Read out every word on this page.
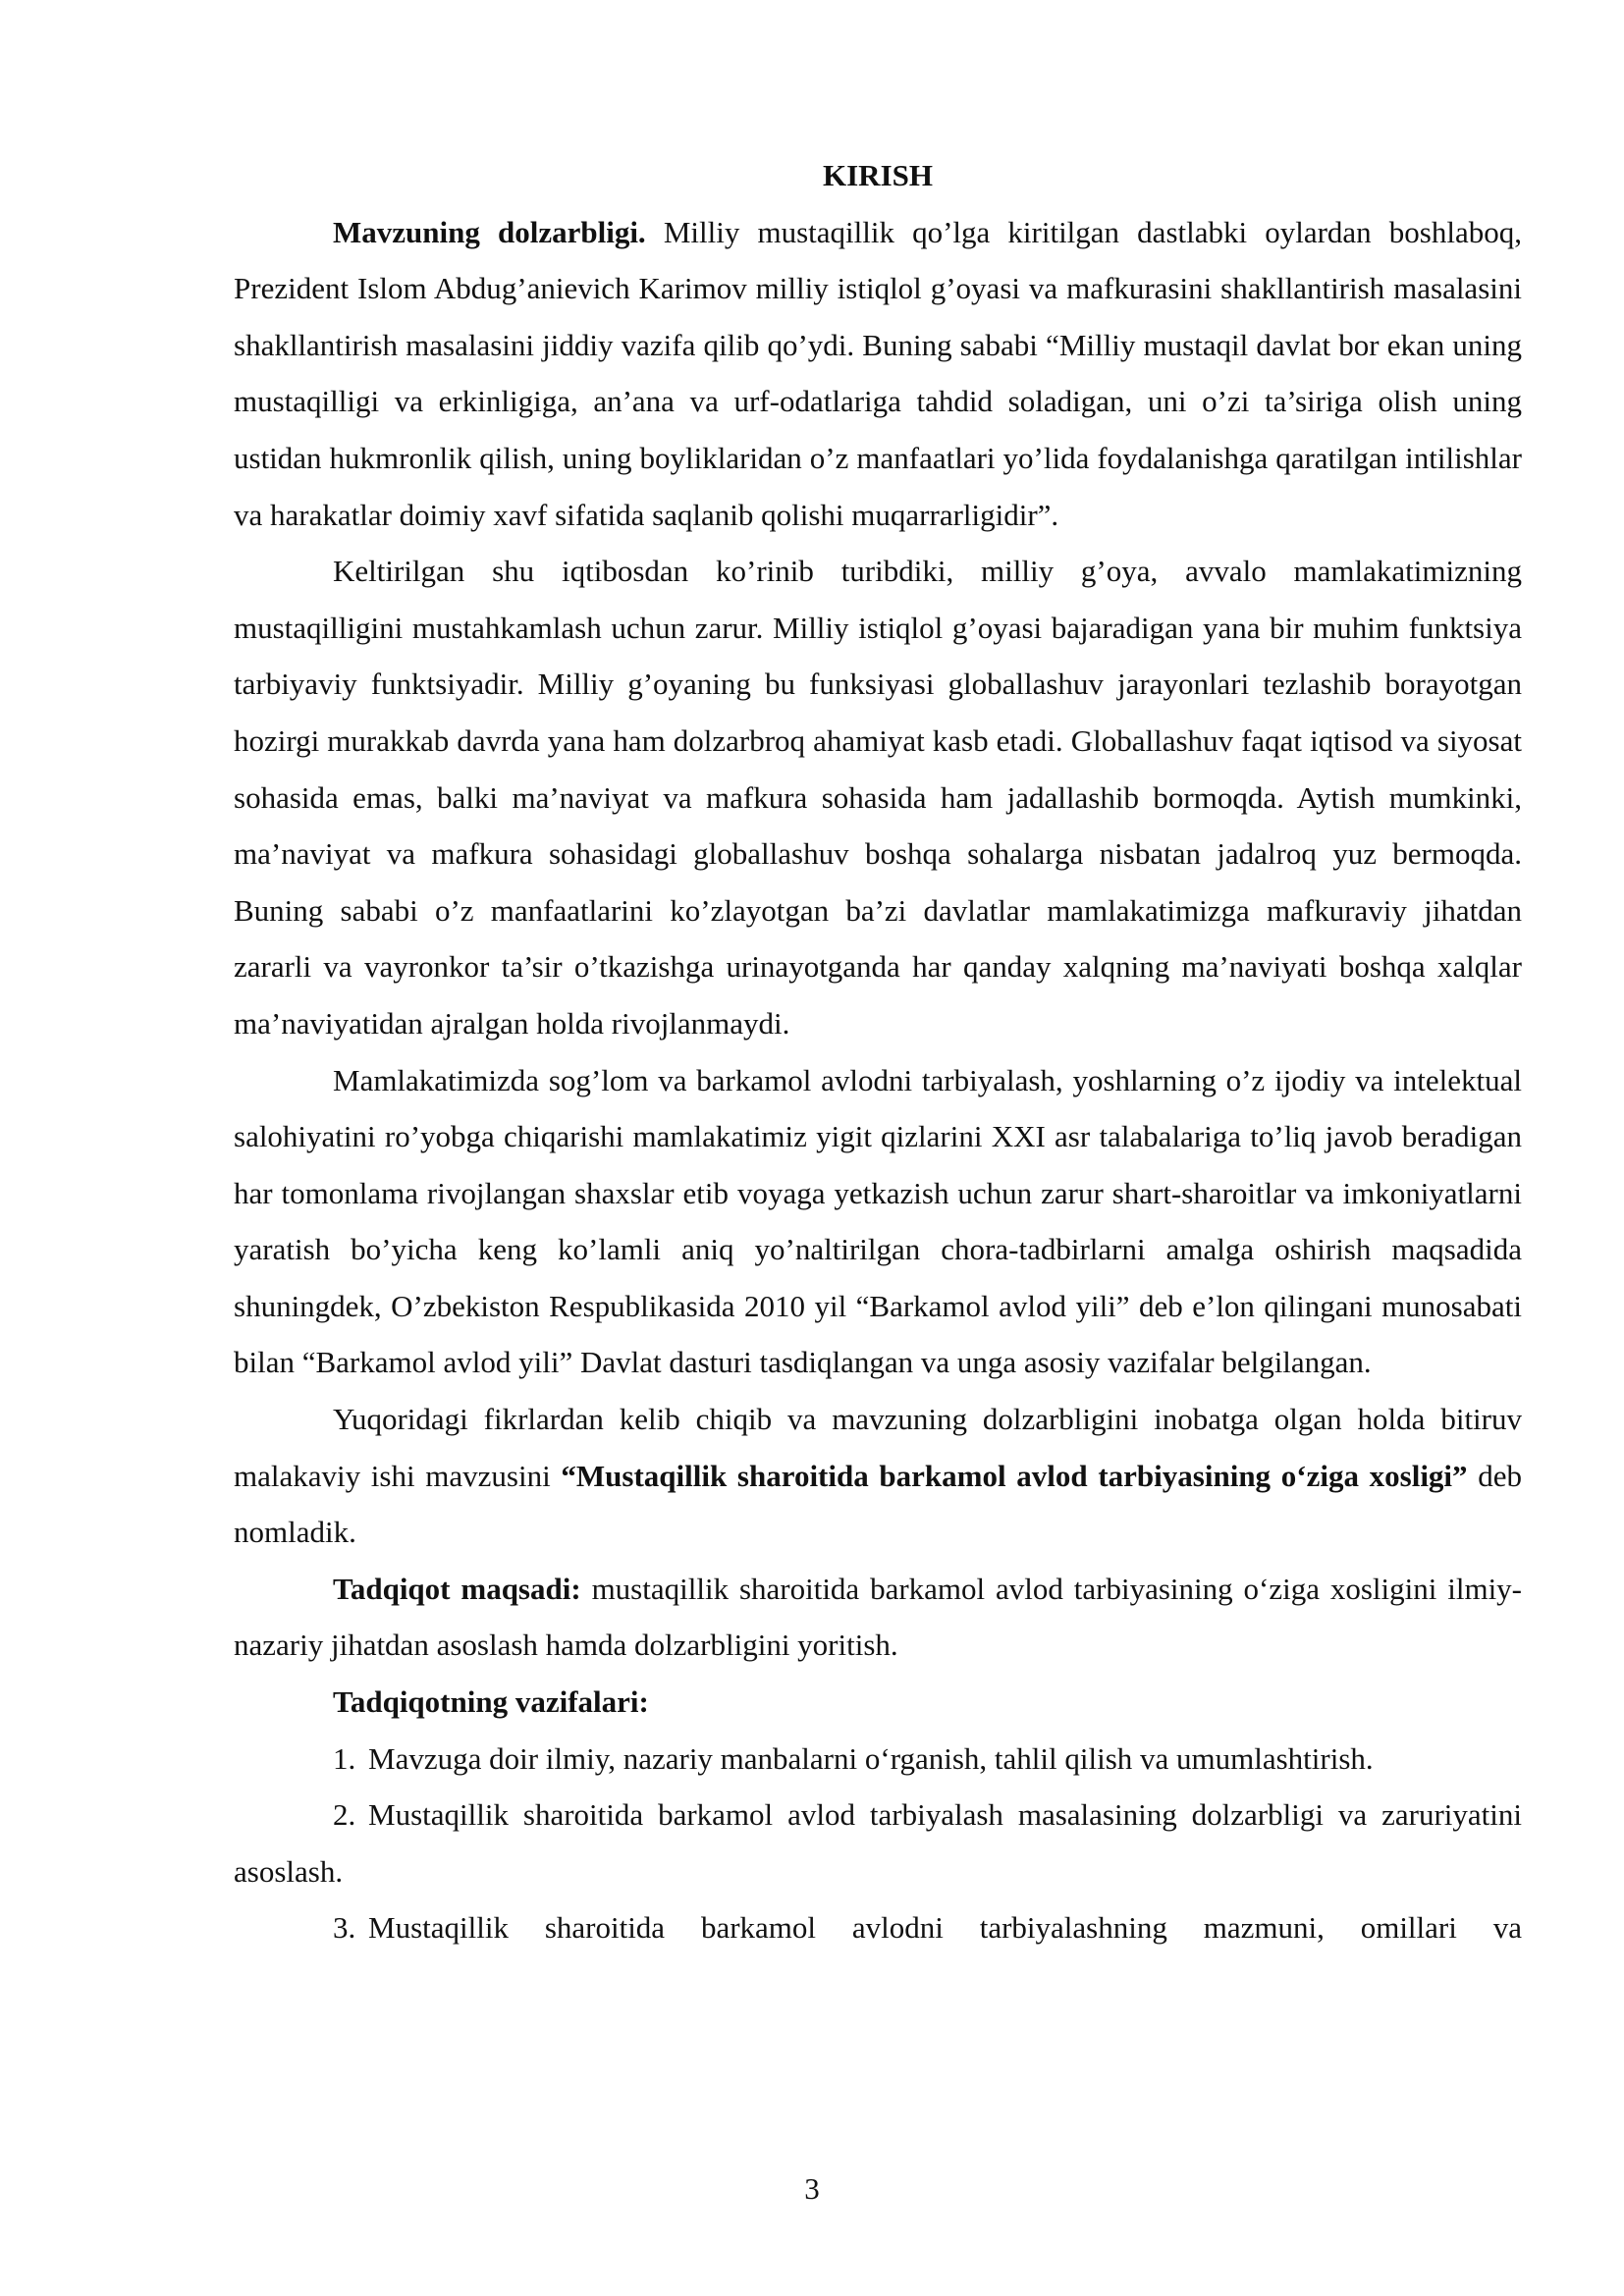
KIRISH

Mavzuning dolzarbligi. Milliy mustaqillik qo’lga kiritilgan dastlabki oylardan boshlaboq, Prezident Islom Abdug’anievich Karimov milliy istiqlol g’oyasi va mafkurasini shakllantirish masalasini shakllantirish masalasini jiddiy vazifa qilib qo’ydi. Buning sababi “Milliy mustaqil davlat bor ekan uning mustaqilligi va erkinligiga, an’ana va urf-odatlariga tahdid soladigan, uni o’zi ta’siriga olish uning ustidan hukmronlik qilish, uning boyliklaridan o’z manfaatlari yo’lida foydalanishga qaratilgan intilishlar va harakatlar doimiy xavf sifatida saqlanib qolishi muqarrarligidir”.

Keltirilgan shu iqtibosdan ko’rinib turibdiki, milliy g’oya, avvalo mamlakatimizning mustaqilligini mustahkamlash uchun zarur. Milliy istiqlol g’oyasi bajaradigan yana bir muhim funktsiya tarbiyaviy funktsiyadir. Milliy g’oyaning bu funksiyasi globallashuv jarayonlari tezlashib borayotgan hozirgi murakkab davrda yana ham dolzarbroq ahamiyat kasb etadi. Globallashuv faqat iqtisod va siyosat sohasida emas, balki ma’naviyat va mafkura sohasida ham jadallashib bormoqda. Aytish mumkinki, ma’naviyat va mafkura sohasidagi globallashuv boshqa sohalarga nisbatan jadalroq yuz bermoqda. Buning sababi o’z manfaatlarini ko’zlayotgan ba’zi davlatlar mamlakatimizga mafkuraviy jihatdan zararli va vayronkor ta’sir o’tkazishga urinayotganda har qanday xalqning ma’naviyati boshqa xalqlar ma’naviyatidan ajralgan holda rivojlanmaydi.

Mamlakatimizda sog’lom va barkamol avlodni tarbiyalash, yoshlarning o’z ijodiy va intelektual salohiyatini ro’yobga chiqarishi mamlakatimiz yigit qizlarini XXI asr talabalariga to’liq javob beradigan har tomonlama rivojlangan shaxslar etib voyaga yetkazish uchun zarur shart-sharoitlar va imkoniyatlarni yaratish bo’yicha keng ko’lamli aniq yo’naltirilgan chora-tadbirlarni amalga oshirish maqsadida shuningdek, O’zbekiston Respublikasida 2010 yil “Barkamol avlod yili” deb e’lon qilingani munosabati bilan “Barkamol avlod yili” Davlat dasturi tasdiqlangan va unga asosiy vazifalar belgilangan.

Yuqoridagi fikrlardan kelib chiqib va mavzuning dolzarbligini inobatga olgan holda bitiruv malakaviy ishi mavzusini “Mustaqillik sharoitida barkamol avlod tarbiyasining o‘ziga xosligi” deb nomladik.

Tadqiqot maqsadi: mustaqillik sharoitida barkamol avlod tarbiyasining o‘ziga xosligini ilmiy-nazariy jihatdan asoslash hamda dolzarbligini yoritish.

Tadqiqotning vazifalari:

1. Mavzuga doir ilmiy, nazariy manbalarni o‘rganish, tahlil qilish va umumlashtirish.

2. Mustaqillik sharoitida barkamol avlod tarbiyalash masalasining dolzarbligi va zaruriyatini asoslash.

3. Mustaqillik sharoitida barkamol avlodni tarbiyalashning mazmuni, omillari va

3
